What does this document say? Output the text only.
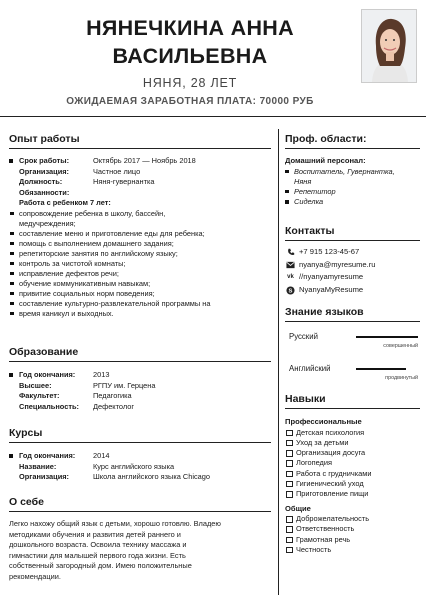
НЯНЕЧКИНА АННА
ВАСИЛЬЕВНА
НЯНЯ, 28 ЛЕТ
ОЖИДАЕМАЯ ЗАРАБОТНАЯ ПЛАТА: 70000 РУБ
Опыт работы
Срок работы:	Октябрь 2017 — Ноябрь 2018
Организация:	Частное лицо
Должность:	Няня-гувернантка
Обязанности:
Работа с ребенком 7 лет:
сопровождение ребенка в школу, бассейн,
медучреждения;
составление меню и приготовление еды для ребенка;
помощь с выполнением домашнего задания;
репетиторские занятия по английскому языку;
контроль за чистотой комнаты;
исправление дефектов речи;
обучение коммуникативным навыкам;
привитие социальных норм поведения;
составление культурно-развлекательной программы на
время каникул и выходных.
Образование
Год окончания:	2013
Высшее:	РГПУ им. Герцена
Факультет:	Педагогика
Специальность:	Дефектолог
Курсы
Год окончания:	2014
Название:	Курс английского языка
Организация:	Школа английского языка Chicago
О себе
Легко нахожу общий язык с детьми, хорошо готовлю. Владею
методиками обучения и развития детей раннего и
дошкольного возраста. Освоила технику массажа и
гимнастики для малышей первого года жизни. Есть
собственный загородный дом. Имею положительные
рекомендации.
Проф. области:
Домашний персонал:
Воспитатель, Гувернантка,
Няня
Репетитор
Сиделка
Контакты
+7 915 123-45-67
nyanya@myresume.ru
vk //nyanyamyresume
S NyanyaMyResume
Знание языков
Русский
совершенный
Английский
продвинутый
Навыки
Профессиональные
Детская психология
Уход за детьми
Организация досуга
Логопедия
Работа с грудничками
Гигиенический уход
Приготовление пищи
Общие
Доброжелательность
Ответственность
Грамотная речь
Честность
